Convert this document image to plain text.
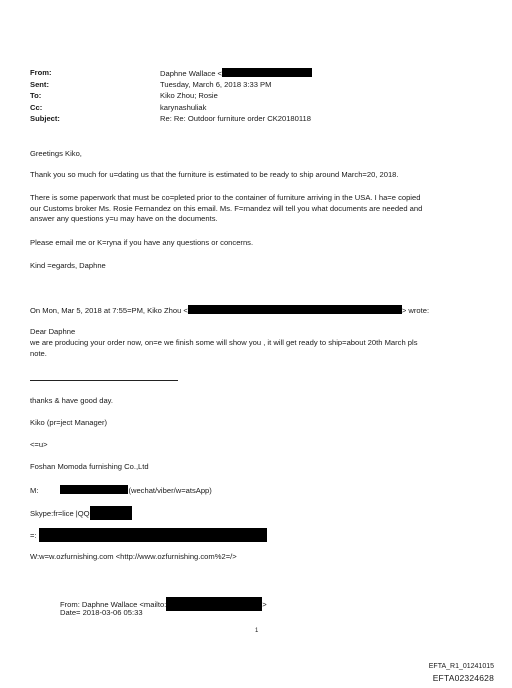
From:	Daphne Wallace <
Sent:	Tuesday, March 6, 2018 3:33 PM
To:	Kiko Zhou; Rosie
Cc:	karynashuliak
Subject:	Re: Re: Outdoor furniture order CK20180118
Greetings Kiko,
Thank you so much for u=dating us that the furniture is estimated to be ready to ship around March=20, 2018.
There is some paperwork that must be co=pleted prior to the container of furniture arriving in the USA. I ha=e copied
our Customs broker Ms. Rosie Fernandez on this email. Ms. F=rnandez will tell you what documents are needed and
answer any questions y=u may have on the documents.
Please email me or K=ryna if you have any questions or concerns.
Kind =egards, Daphne
On Mon, Mar 5, 2018 at 7:55=PM, Kiko Zhou <	> wrote:
Dear Daphne
we are producing your order now, on=e we finish some will show you , it will get ready to ship=about 20th March pls
note.
thanks & have good day.
Kiko (pr=ject Manager)
<=u>
Foshan Momoda furnishing Co.,Ltd
M:	(wechat/viber/w=atsApp)
Skype:fr=lice |QQ
=:
W:w=w.ozfurnishing.com <http://www.ozfurnishing.com%2=/>
From: Daphne Wallace <mailto:	>
Date= 2018-03-06 05:33
1
EFTA_R1_01241015
EFTA02324628
